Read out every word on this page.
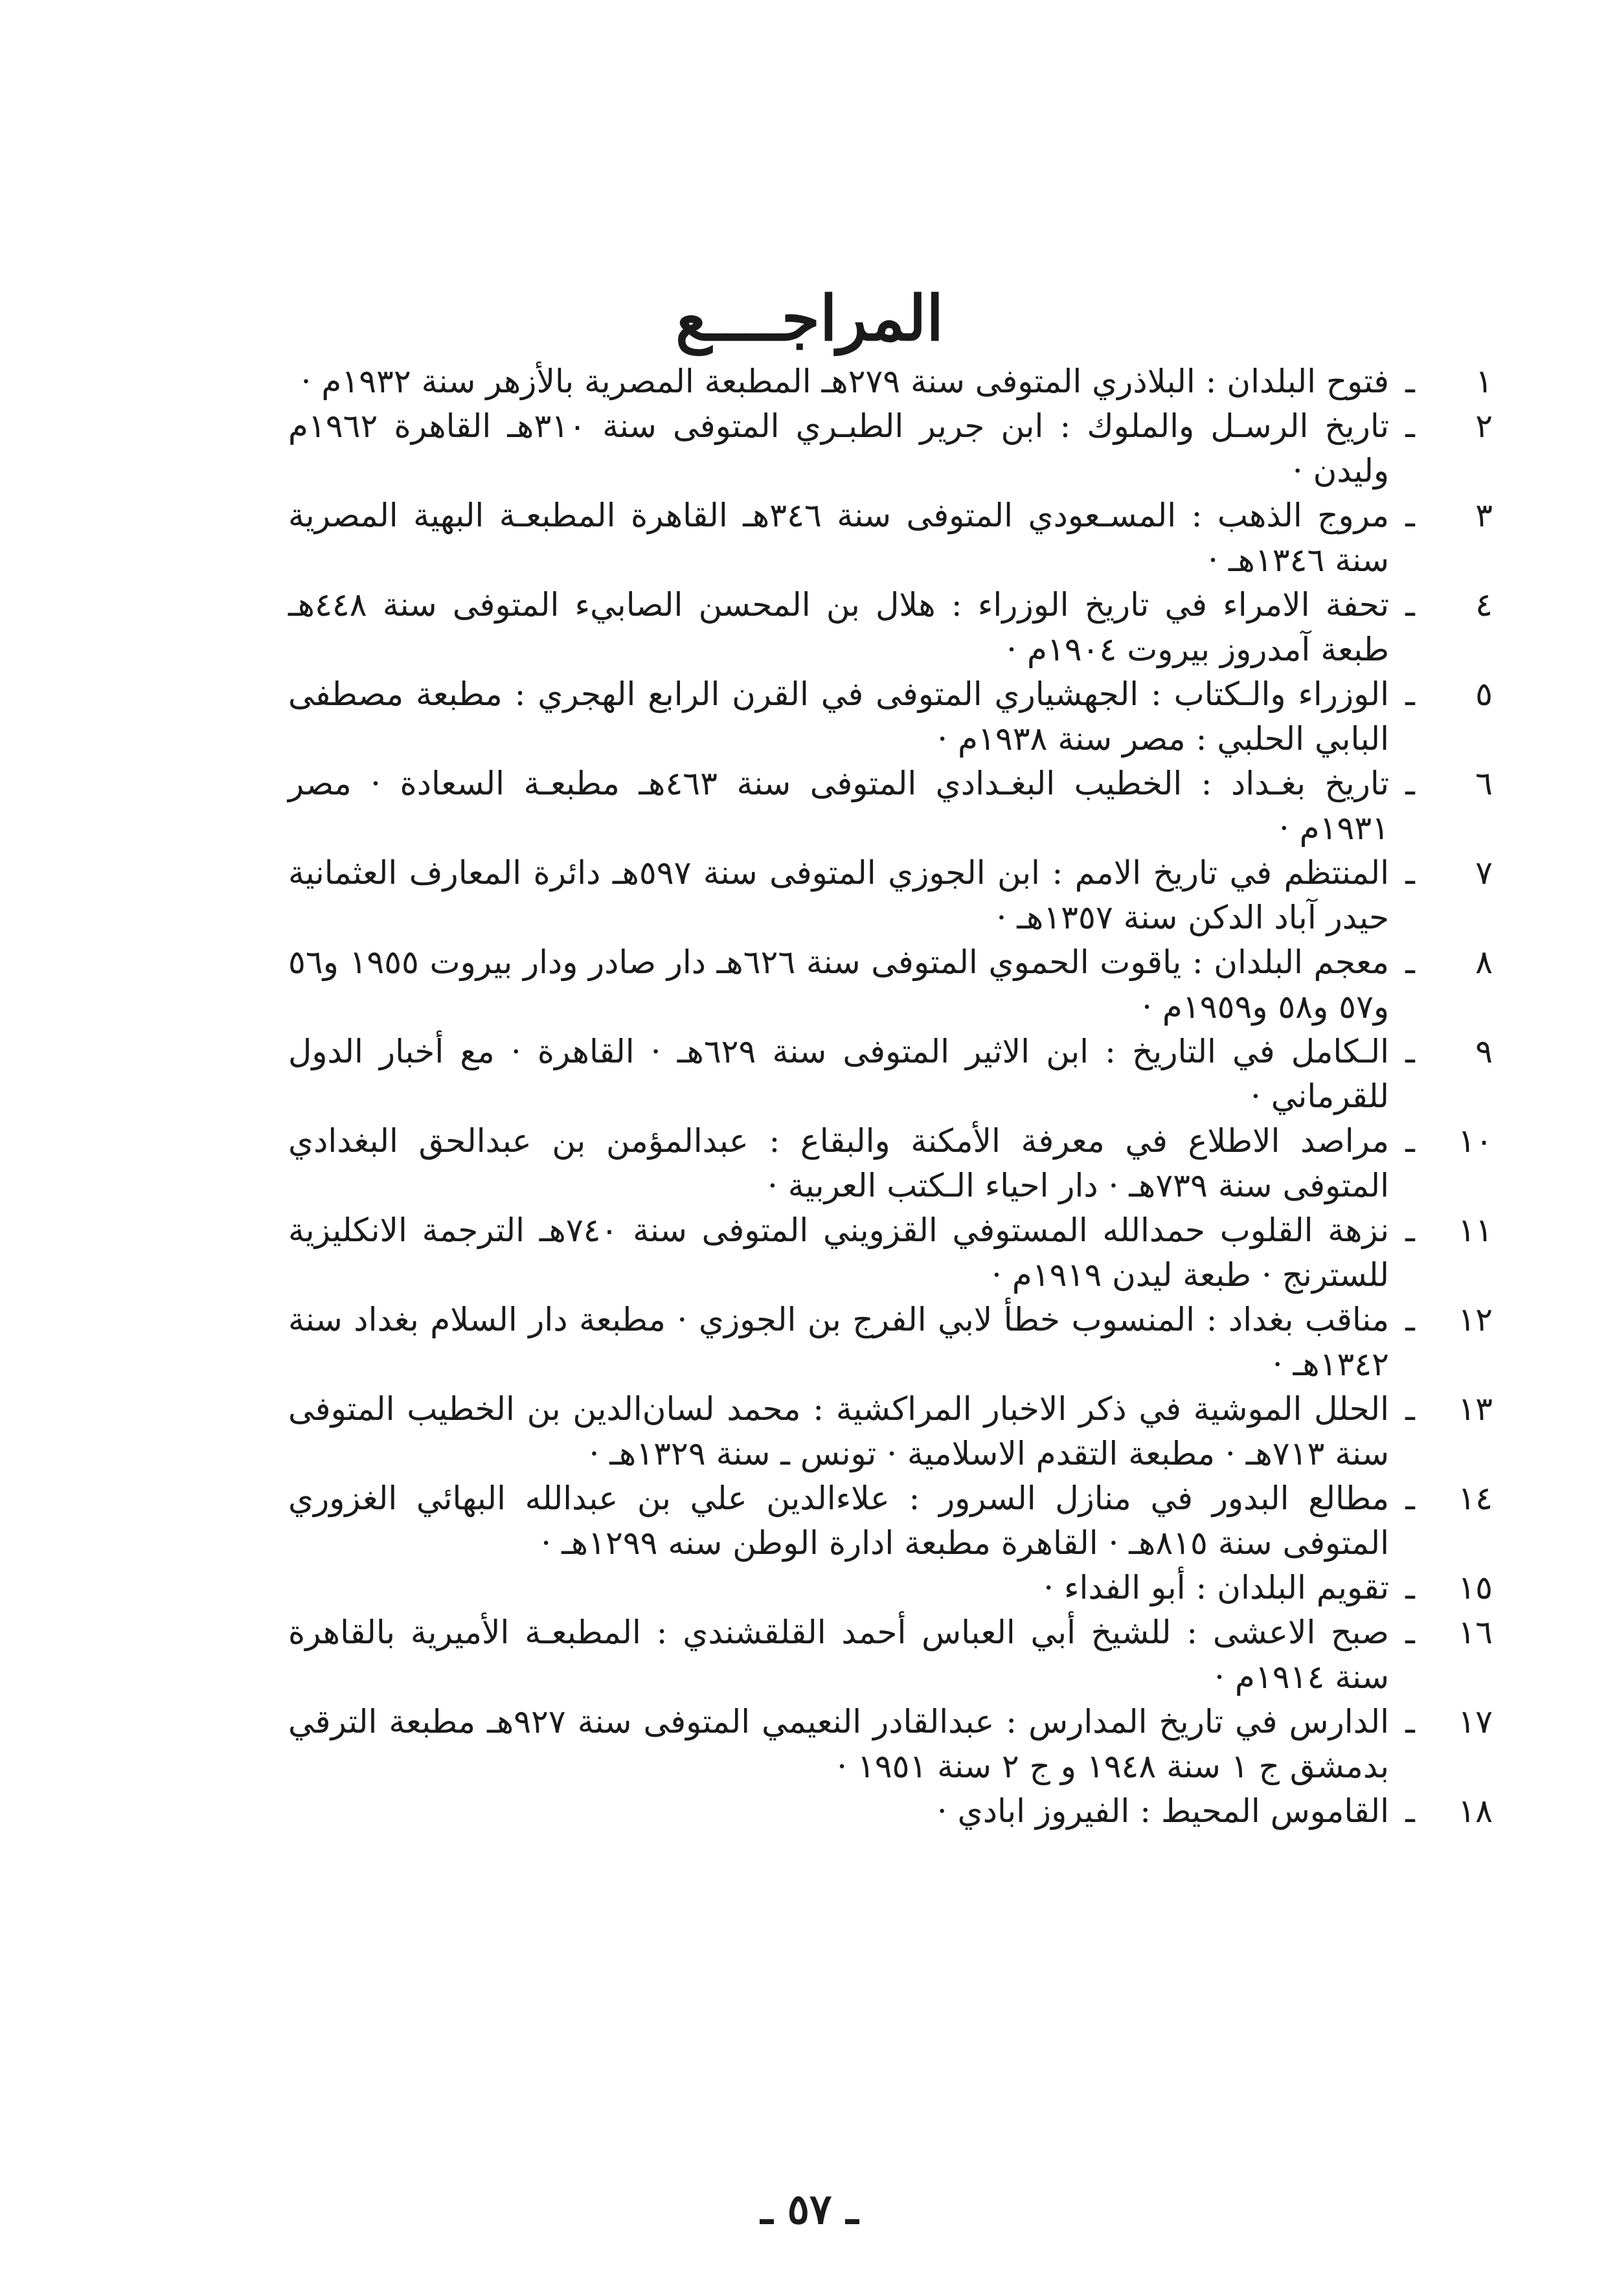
المراجــــع
١
ـ
فتوح البلدان : البلاذري المتوفى سنة ٢٧٩هـ المطبعة المصرية بالأزهر سنة ١٩٣٢م ·
٢
ـ
تاريخ الرسـل والملوك : ابن جرير الطبـري المتوفى سنة ٣١٠هـ القاهرة ١٩٦٢م وليدن ·
٣
ـ
مروج الذهب : المسـعودي المتوفى سنة ٣٤٦هـ القاهرة المطبعـة البهية المصرية سنة ١٣٤٦هـ ·
٤
ـ
تحفة الامراء في تاريخ الوزراء : هلال بن المحسن الصابيء المتوفى سنة ٤٤٨هـ طبعة آمدروز بيروت ١٩٠٤م ·
٥
ـ
الوزراء والـكتاب : الجهشياري المتوفى في القرن الرابع الهجري : مطبعة مصطفى البابي الحلبي : مصر سنة ١٩٣٨م ·
٦
ـ
تاريخ بغـداد : الخطيب البغـدادي المتوفى سنة ٤٦٣هـ مطبعـة السعادة · مصر ١٩٣١م ·
٧
ـ
المنتظم في تاريخ الامم : ابن الجوزي المتوفى سنة ٥٩٧هـ دائرة المعارف العثمانية حيدر آباد الدكن سنة ١٣٥٧هـ ·
٨
ـ
معجم البلدان : ياقوت الحموي المتوفى سنة ٦٢٦هـ دار صادر ودار بيروت ١٩٥٥ و٥٦ و٥٧ و٥٨ و١٩٥٩م ·
٩
ـ
الـكامل في التاريخ : ابن الاثير المتوفى سنة ٦٢٩هـ · القاهرة · مع أخبار الدول للقرماني ·
١٠
ـ
مراصد الاطلاع في معرفة الأمكنة والبقاع : عبدالمؤمن بن عبدالحق البغدادي المتوفى سنة ٧٣٩هـ · دار احياء الـكتب العربية ·
١١
ـ
نزهة القلوب حمدالله المستوفي القزويني المتوفى سنة ٧٤٠هـ الترجمة الانكليزية للسترنج · طبعة ليدن ١٩١٩م ·
١٢
ـ
مناقب بغداد : المنسوب خطأ لابي الفرج بن الجوزي · مطبعة دار السلام بغداد سنة ١٣٤٢هـ ·
١٣
ـ
الحلل الموشية في ذكر الاخبار المراكشية : محمد لسان‌الدين بن الخطيب المتوفى سنة ٧١٣هـ · مطبعة التقدم الاسلامية · تونس ـ سنة ١٣٢٩هـ ·
١٤
ـ
مطالع البدور في منازل السرور : علاءالدين علي بن عبدالله البهائي الغزوري المتوفى سنة ٨١٥هـ · القاهرة مطبعة ادارة الوطن سنه ١٢٩٩هـ ·
١٥
ـ
تقويم البلدان : أبو الفداء ·
١٦
ـ
صبح الاعشى : للشيخ أبي العباس أحمد القلقشندي : المطبعـة الأميرية بالقاهرة سنة ١٩١٤م ·
١٧
ـ
الدارس في تاريخ المدارس : عبدالقادر النعيمي المتوفى سنة ٩٢٧هـ مطبعة الترقي بدمشق ج ١ سنة ١٩٤٨ و ج ٢ سنة ١٩٥١ ·
١٨
ـ
القاموس المحيط : الفيروز ابادي ·
ـ ٥٧ ـ
